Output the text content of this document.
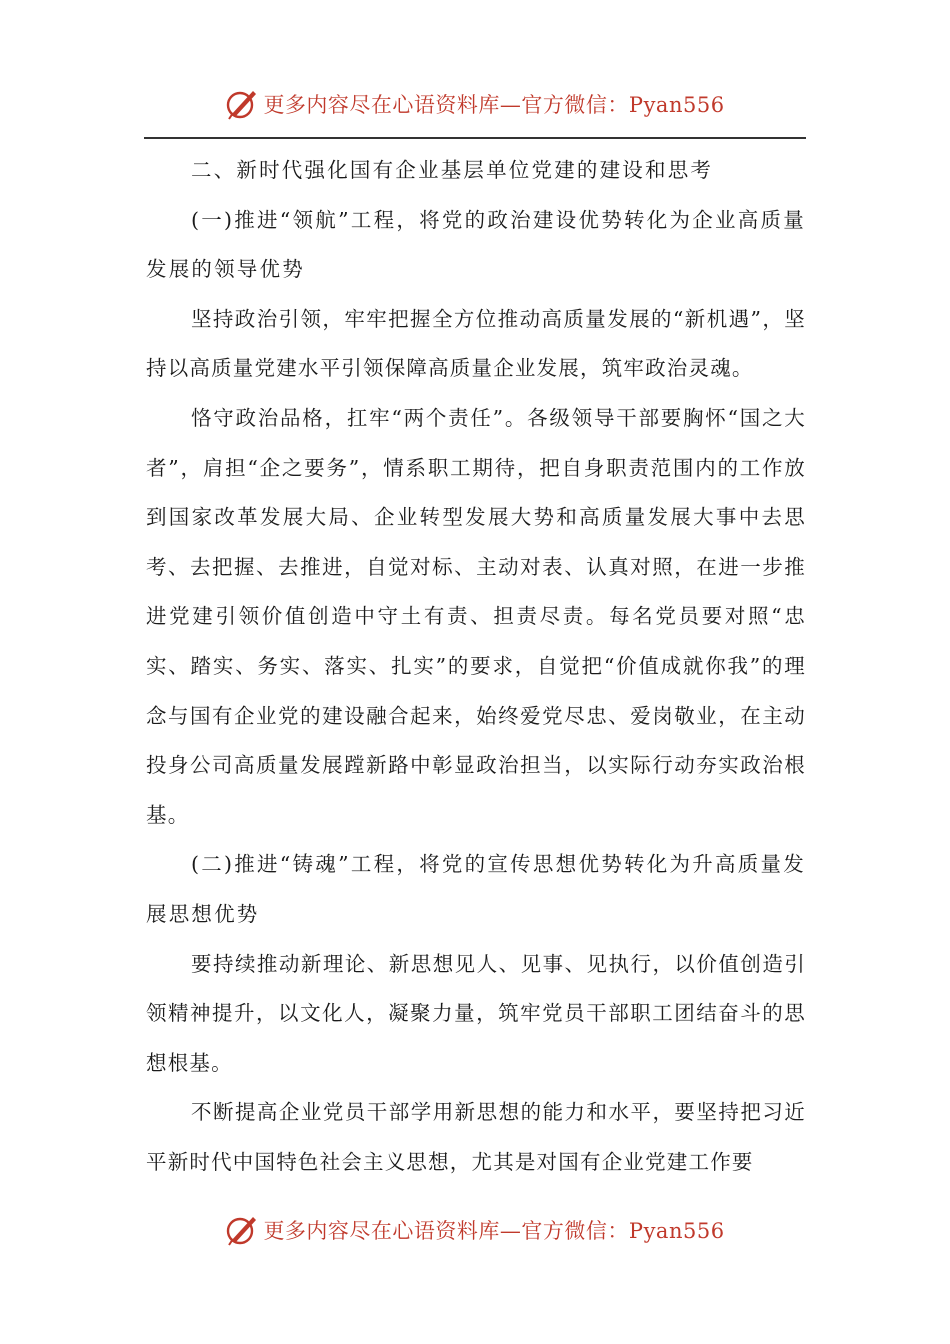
更多内容尽在心语资料库—官方微信：Pyan556

二、新时代强化国有企业基层单位党建的建设和思考

(一)推进“领航”工程，将党的政治建设优势转化为企业高质量发展的领导优势

坚持政治引领，牢牢把握全方位推动高质量发展的“新机遇”，坚持以高质量党建水平引领保障高质量企业发展，筑牢政治灵魂。

恪守政治品格，扛牢“两个责任”。各级领导干部要胸怀“国之大者”，肩担“企之要务”，情系职工期待，把自身职责范围内的工作放到国家改革发展大局、企业转型发展大势和高质量发展大事中去思考、去把握、去推进，自觉对标、主动对表、认真对照，在进一步推进党建引领价值创造中守土有责、担责尽责。每名党员要对照“忠实、踏实、务实、落实、扎实”的要求，自觉把“价值成就你我”的理念与国有企业党的建设融合起来，始终爱党尽忠、爱岗敬业，在主动投身公司高质量发展蹚新路中彰显政治担当，以实际行动夯实政治根基。

(二)推进“铸魂”工程，将党的宣传思想优势转化为升高质量发展思想优势

要持续推动新理论、新思想见人、见事、见执行，以价值创造引领精神提升，以文化人，凝聚力量，筑牢党员干部职工团结奋斗的思想根基。

不断提高企业党员干部学用新思想的能力和水平，要坚持把习近平新时代中国特色社会主义思想，尤其是对国有企业党建工作要

更多内容尽在心语资料库—官方微信：Pyan556
